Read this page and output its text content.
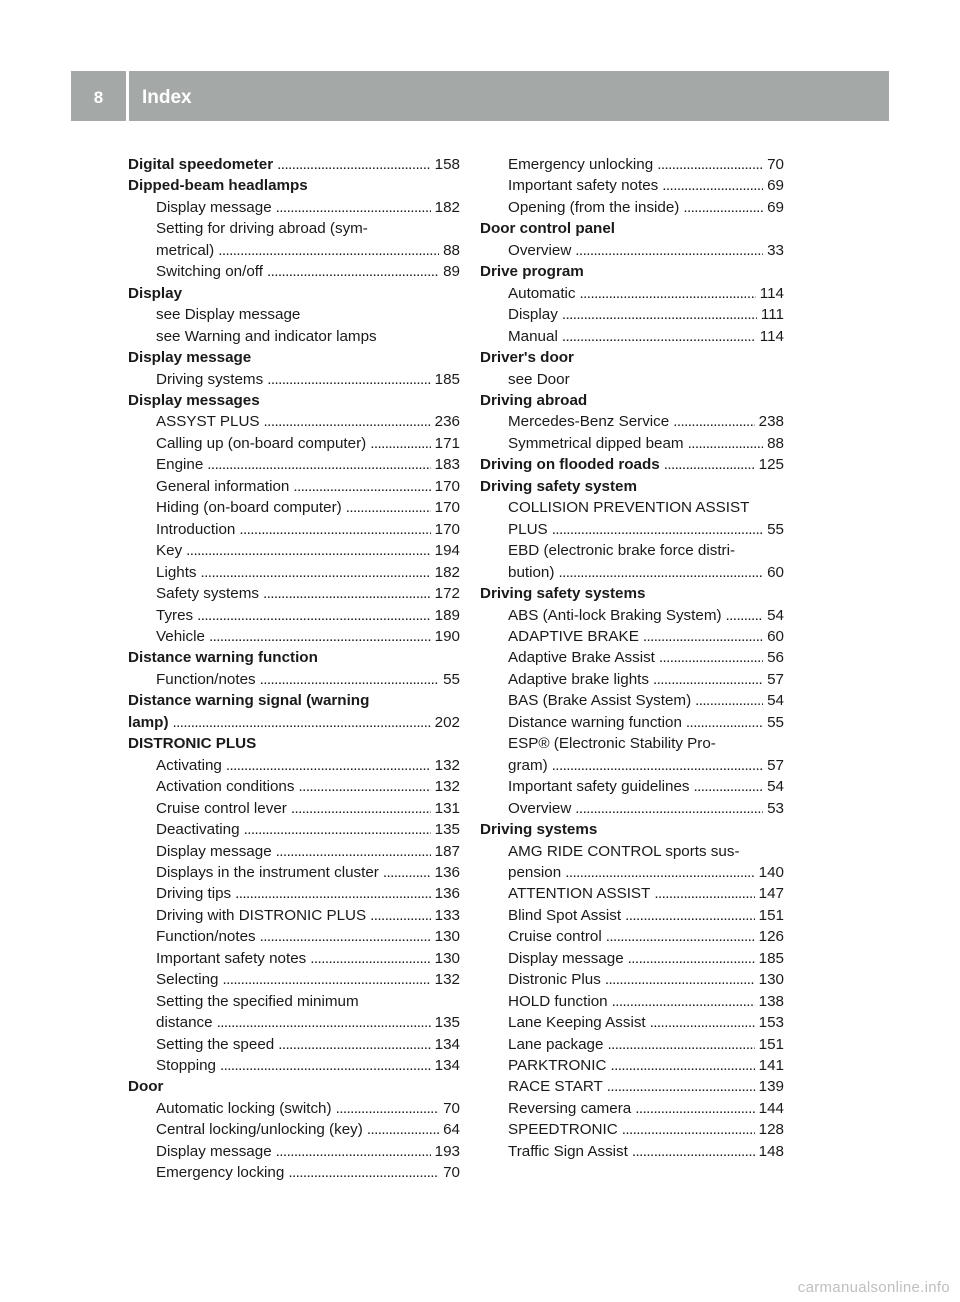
8	Index
Digital speedometer . . .	158
Dipped-beam headlamps
Display message . . .	182
Setting for driving abroad (sym-
metrical) . . .	88
Switching on/off . . .	89
Display
see Display message
see Warning and indicator lamps
Display message
Driving systems . . .	185
Display messages
ASSYST PLUS . . .	236
Calling up (on-board computer) . . .	171
Engine . . .	183
General information . . .	170
Hiding (on-board computer) . . .	170
Introduction . . .	170
Key . . .	194
Lights . . .	182
Safety systems . . .	172
Tyres . . .	189
Vehicle . . .	190
Distance warning function
Function/notes . . .	55
Distance warning signal (warning
lamp) . . .	202
DISTRONIC PLUS
Activating . . .	132
Activation conditions . . .	132
Cruise control lever . . .	131
Deactivating . . .	135
Display message . . .	187
Displays in the instrument cluster . . .	136
Driving tips . . .	136
Driving with DISTRONIC PLUS . . .	133
Function/notes . . .	130
Important safety notes . . .	130
Selecting . . .	132
Setting the specified minimum
distance . . .	135
Setting the speed . . .	134
Stopping . . .	134
Door
Automatic locking (switch) . . .	70
Central locking/unlocking (key) . . .	64
Display message . . .	193
Emergency locking . . .	70
Emergency unlocking . . .	70
Important safety notes . . .	69
Opening (from the inside) . . .	69
Door control panel
Overview . . .	33
Drive program
Automatic . . .	114
Display . . .	111
Manual . . .	114
Driver's door
see Door
Driving abroad
Mercedes-Benz Service . . .	238
Symmetrical dipped beam . . .	88
Driving on flooded roads . . .	125
Driving safety system
COLLISION PREVENTION ASSIST
PLUS . . .	55
EBD (electronic brake force distri-
bution) . . .	60
Driving safety systems
ABS (Anti-lock Braking System) . . .	54
ADAPTIVE BRAKE . . .	60
Adaptive Brake Assist . . .	56
Adaptive brake lights . . .	57
BAS (Brake Assist System) . . .	54
Distance warning function . . .	55
ESP® (Electronic Stability Pro-
gram) . . .	57
Important safety guidelines . . .	54
Overview . . .	53
Driving systems
AMG RIDE CONTROL sports sus-
pension . . .	140
ATTENTION ASSIST . . .	147
Blind Spot Assist . . .	151
Cruise control . . .	126
Display message . . .	185
Distronic Plus . . .	130
HOLD function . . .	138
Lane Keeping Assist . . .	153
Lane package . . .	151
PARKTRONIC . . .	141
RACE START . . .	139
Reversing camera . . .	144
SPEEDTRONIC . . .	128
Traffic Sign Assist . . .	148
carmanualsonline.info
